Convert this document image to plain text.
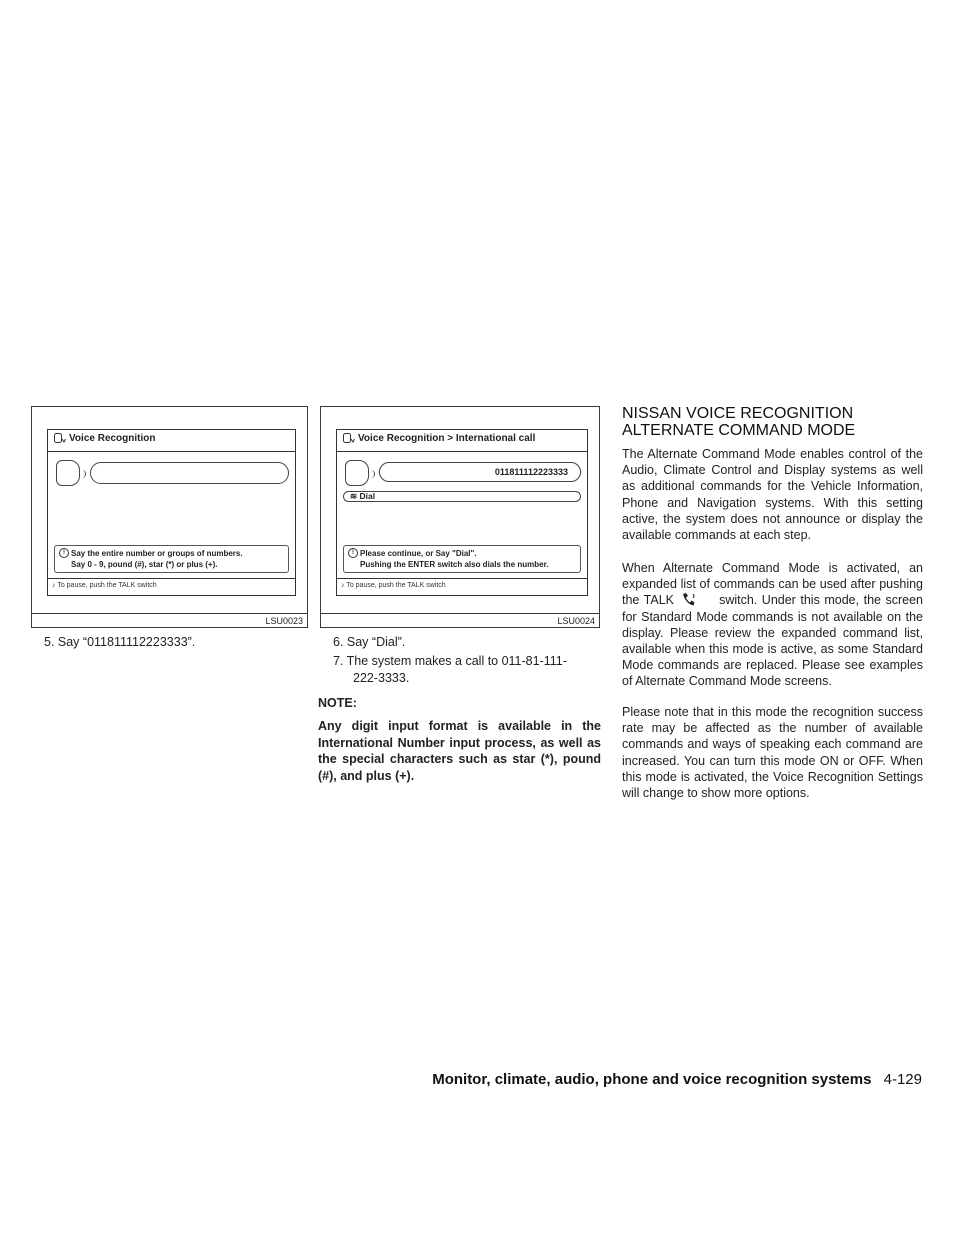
Voice Recognition
! Say the entire number or groups of numbers.
Say 0 - 9, pound (#), star (*) or plus (+).
♪ To pause, push the TALK switch
LSU0023
Voice Recognition > International call
011811112223333
≋ Dial
! Please continue, or Say "Dial".
Pushing the ENTER switch also dials the number.
♪ To pause, push the TALK switch
LSU0024
5. Say “011811112223333”.	6. Say “Dial”.
7. The system makes a call to 011-81-111-
222-3333.
NOTE:
Any digit input format is available in the International Number input process, as well as the special characters such as star (*), pound (#), and plus (+).
NISSAN VOICE RECOGNITION
ALTERNATE COMMAND MODE

The Alternate Command Mode enables control of the Audio, Climate Control and Display systems as well as additional commands for the Vehicle Information, Phone and Navigation systems. With this setting active, the system does not announce or display the available commands at each step.

When Alternate Command Mode is activated, an expanded list of commands can be used after pushing the TALK	switch. Under this mode, the screen for Standard Mode commands is not available on the display. Please review the expanded command list, available when this mode is active, as some Standard Mode commands are replaced. Please see examples of Alternate Command Mode screens.

Please note that in this mode the recognition success rate may be affected as the number of available commands and ways of speaking each command are increased. You can turn this mode ON or OFF. When this mode is activated, the Voice Recognition Settings will change to show more options.

Monitor, climate, audio, phone and voice recognition systems 4-129
